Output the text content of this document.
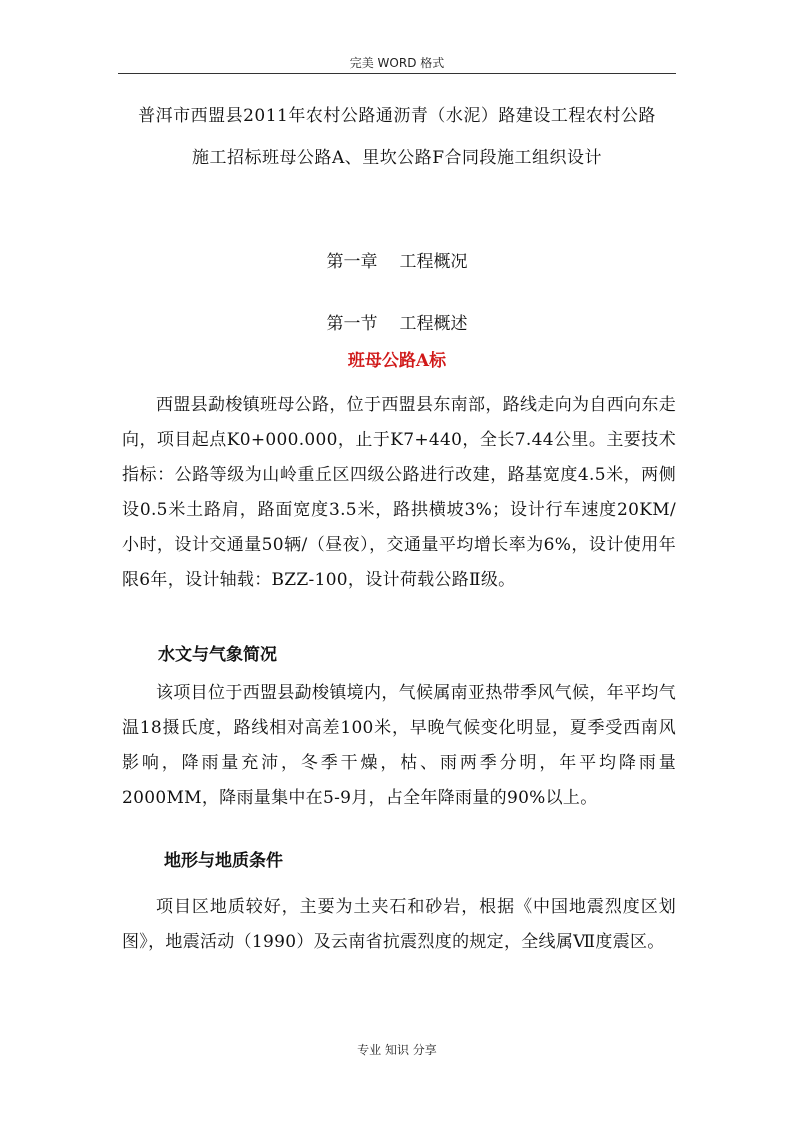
完美 WORD 格式
普洱市西盟县2011年农村公路通沥青（水泥）路建设工程农村公路
施工招标班母公路A、里坎公路F合同段施工组织设计
第一章 工程概况
第一节 工程概述
班母公路A标
西盟县勐梭镇班母公路，位于西盟县东南部，路线走向为自西向东走向，项目起点K0+000.000，止于K7+440，全长7.44公里。主要技术指标：公路等级为山岭重丘区四级公路进行改建，路基宽度4.5米，两侧设0.5米土路肩，路面宽度3.5米，路拱横坡3%；设计行车速度20KM/小时，设计交通量50辆/（昼夜），交通量平均增长率为6%，设计使用年限6年，设计轴载：BZZ-100，设计荷载公路Ⅱ级。
水文与气象简况
该项目位于西盟县勐梭镇境内，气候属南亚热带季风气候，年平均气温18摄氏度，路线相对高差100米，早晚气候变化明显，夏季受西南风影响，降雨量充沛，冬季干燥，枯、雨两季分明，年平均降雨量2000MM，降雨量集中在5-9月，占全年降雨量的90%以上。
地形与地质条件
项目区地质较好，主要为土夹石和砂岩，根据《中国地震烈度区划图》，地震活动（1990）及云南省抗震烈度的规定，全线属Ⅶ度震区。
专业 知识 分享
